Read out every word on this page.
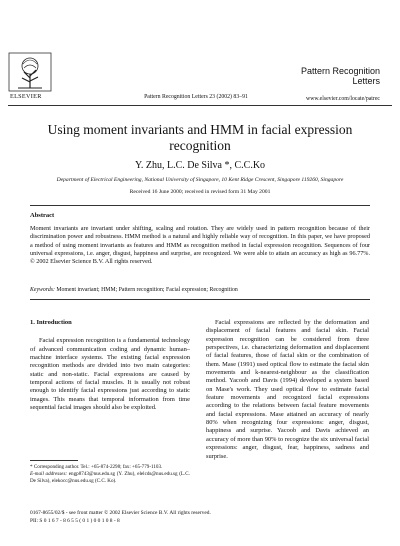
ELSEVIER	Pattern Recognition Letters 23 (2002) 83–91
Pattern Recognition
Letters
www.elsevier.com/locate/patrec
Using moment invariants and HMM in facial expression recognition
Y. Zhu, L.C. De Silva *, C.C.Ko
Department of Electrical Engineering, National University of Singapore, 10 Kent Ridge Crescent, Singapore 119260, Singapore
Received 16 June 2000; received in revised form 31 May 2001
Abstract
Moment invariants are invariant under shifting, scaling and rotation. They are widely used in pattern recognition because of their discrimination power and robustness. HMM method is a natural and highly reliable way of recognition. In this paper, we have proposed a method of using moment invariants as features and HMM as recognition method in facial expression recognition. Sequences of four universal expressions, i.e. anger, disgust, happiness and surprise, are recognized. We were able to attain an accuracy as high as 96.77%. © 2002 Elsevier Science B.V. All rights reserved.
Keywords: Moment invariant; HMM; Pattern recognition; Facial expression; Recognition
1. Introduction
Facial expression recognition is a fundamental technology of advanced communication coding and dynamic human–machine interface systems. The existing facial expression recognition methods are divided into two main categories: static and non-static. Facial expressions are caused by temporal actions of facial muscles. It is usually not robust enough to identify facial expressions just according to static images. This means that temporal information from time sequential facial images should also be exploited.
Facial expressions are reflected by the deformation and displacement of facial features and facial skin. Facial expression recognition can be considered from three perspectives, i.e. characterizing deformation and displacement of facial features, those of facial skin or the combination of them. Mase (1991) used optical flow to estimate the facial skin movements and k-nearest-neighbour as the classification method. Yacoob and Davis (1994) developed a system based on Mase's work. They used optical flow to estimate facial feature movements and recognized facial expressions according to the relations between facial feature movements and facial expressions. Mase attained an accuracy of nearly 80% when recognizing four expressions: anger, disgust, happiness and surprise. Yacoob and Davis achieved an accuracy of more than 90% to recognize the six universal facial expressions: anger, disgust, fear, happiness, sadness and surprise.
* Corresponding author. Tel.: +65-874-2298; fax: +65-779-1103.
E-mail addresses: engp8743@nus.edu.sg (Y. Zhu), elelcds@nus.edu.sg (L.C. De Silva), elekocc@nus.edu.sg (C.C. Ko).
0167-8655/02/$ - see front matter © 2002 Elsevier Science B.V. All rights reserved.
PII: S 0 1 6 7 - 8 6 5 5 ( 0 1 ) 0 0 1 0 8 - 8
